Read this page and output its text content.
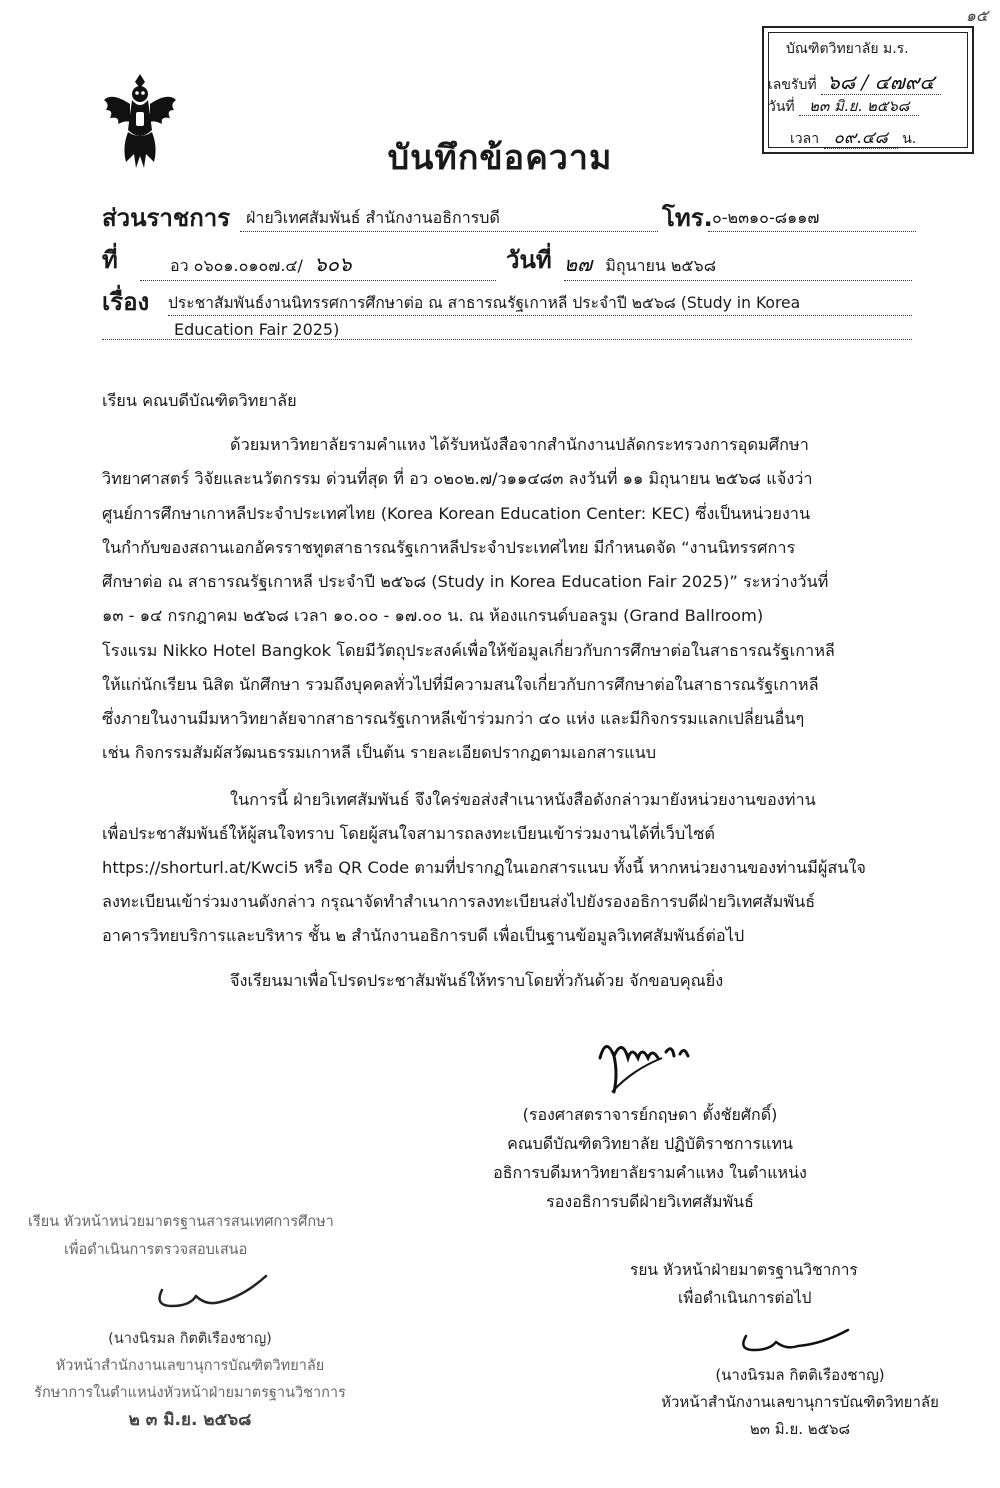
๑๕
บัณฑิตวิทยาลัย ม.ร.
เลขรับที่ ๖๘ / ๔๗๙๔
วันที่ ๒๓ มิ.ย. ๒๕๖๘
เวลา ๐๙.๔๘ น.
บันทึกข้อความ
ส่วนราชการ ฝ่ายวิเทศสัมพันธ์ สำนักงานอธิการบดี	โทร. ๐-๒๓๑๐-๘๑๑๗
ที่	อว ๐๖๐๑.๐๑๐๗.๔/ ๖๐๖	วันที่ ๒๗ มิถุนายน ๒๕๖๘
เรื่อง ประชาสัมพันธ์งานนิทรรศการศึกษาต่อ ณ สาธารณรัฐเกาหลี ประจำปี ๒๕๖๘ (Study in Korea
Education Fair 2025)
เรียน คณบดีบัณฑิตวิทยาลัย
ด้วยมหาวิทยาลัยรามคำแหง ได้รับหนังสือจากสำนักงานปลัดกระทรวงการอุดมศึกษา
วิทยาศาสตร์ วิจัยและนวัตกรรม ด่วนที่สุด ที่ อว ๐๒๐๒.๗/ว๑๑๔๘๓ ลงวันที่ ๑๑ มิถุนายน ๒๕๖๘ แจ้งว่า
ศูนย์การศึกษาเกาหลีประจำประเทศไทย (Korea Korean Education Center: KEC) ซึ่งเป็นหน่วยงาน
ในกำกับของสถานเอกอัครราชทูตสาธารณรัฐเกาหลีประจำประเทศไทย มีกำหนดจัด “งานนิทรรศการ
ศึกษาต่อ ณ สาธารณรัฐเกาหลี ประจำปี ๒๕๖๘ (Study in Korea Education Fair 2025)” ระหว่างวันที่
๑๓ - ๑๔ กรกฎาคม ๒๕๖๘ เวลา ๑๐.๐๐ - ๑๗.๐๐ น. ณ ห้องแกรนด์บอลรูม (Grand Ballroom)
โรงแรม Nikko Hotel Bangkok โดยมีวัตถุประสงค์เพื่อให้ข้อมูลเกี่ยวกับการศึกษาต่อในสาธารณรัฐเกาหลี
ให้แก่นักเรียน นิสิต นักศึกษา รวมถึงบุคคลทั่วไปที่มีความสนใจเกี่ยวกับการศึกษาต่อในสาธารณรัฐเกาหลี
ซึ่งภายในงานมีมหาวิทยาลัยจากสาธารณรัฐเกาหลีเข้าร่วมกว่า ๔๐ แห่ง และมีกิจกรรมแลกเปลี่ยนอื่นๆ
เช่น กิจกรรมสัมผัสวัฒนธรรมเกาหลี เป็นต้น รายละเอียดปรากฏตามเอกสารแนบ
ในการนี้ ฝ่ายวิเทศสัมพันธ์ จึงใคร่ขอส่งสำเนาหนังสือดังกล่าวมายังหน่วยงานของท่าน
เพื่อประชาสัมพันธ์ให้ผู้สนใจทราบ โดยผู้สนใจสามารถลงทะเบียนเข้าร่วมงานได้ที่เว็บไซต์
https://shorturl.at/Kwci5 หรือ QR Code ตามที่ปรากฏในเอกสารแนบ ทั้งนี้ หากหน่วยงานของท่านมีผู้สนใจ
ลงทะเบียนเข้าร่วมงานดังกล่าว กรุณาจัดทำสำเนาการลงทะเบียนส่งไปยังรองอธิการบดีฝ่ายวิเทศสัมพันธ์
อาคารวิทยบริการและบริหาร ชั้น ๒ สำนักงานอธิการบดี เพื่อเป็นฐานข้อมูลวิเทศสัมพันธ์ต่อไป
จึงเรียนมาเพื่อโปรดประชาสัมพันธ์ให้ทราบโดยทั่วกันด้วย จักขอบคุณยิ่ง
(รองศาสตราจารย์กฤษดา ตั้งชัยศักดิ์)
คณบดีบัณฑิตวิทยาลัย ปฏิบัติราชการแทน
อธิการบดีมหาวิทยาลัยรามคำแหง ในตำแหน่ง
รองอธิการบดีฝ่ายวิเทศสัมพันธ์
เรียน หัวหน้าหน่วยมาตรฐานสารสนเทศการศึกษา
เพื่อดำเนินการตรวจสอบเสนอ
(นางนิรมล กิตติเรืองชาญ)
หัวหน้าสำนักงานเลขานุการบัณฑิตวิทยาลัย
รักษาการในตำแหน่งหัวหน้าฝ่ายมาตรฐานวิชาการ
๒ ๓ มิ.ย. ๒๕๖๘
รยน หัวหน้าฝ่ายมาตรฐานวิชาการ
เพื่อดำเนินการต่อไป
(นางนิรมล กิตติเรืองชาญ)
หัวหน้าสำนักงานเลขานุการบัณฑิตวิทยาลัย
๒๓ มิ.ย. ๒๕๖๘
